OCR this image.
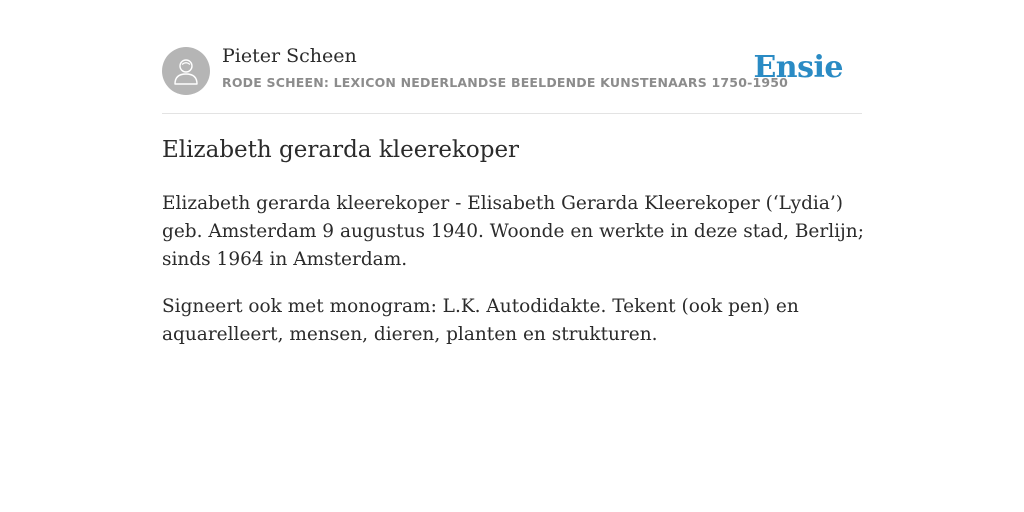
Pieter Scheen
RODE SCHEEN: LEXICON NEDERLANDSE BEELDENDE KUNSTENAARS 1750-1950
Ensie
Elizabeth gerarda kleerekoper

Elizabeth gerarda kleerekoper - Elisabeth Gerarda Kleerekoper (‘Lydia’) geb. Amsterdam 9 augustus 1940. Woonde en werkte in deze stad, Berlijn; sinds 1964 in Amsterdam.

Signeert ook met monogram: L.K. Autodidakte. Tekent (ook pen) en aquarelleert, mensen, dieren, planten en strukturen.
